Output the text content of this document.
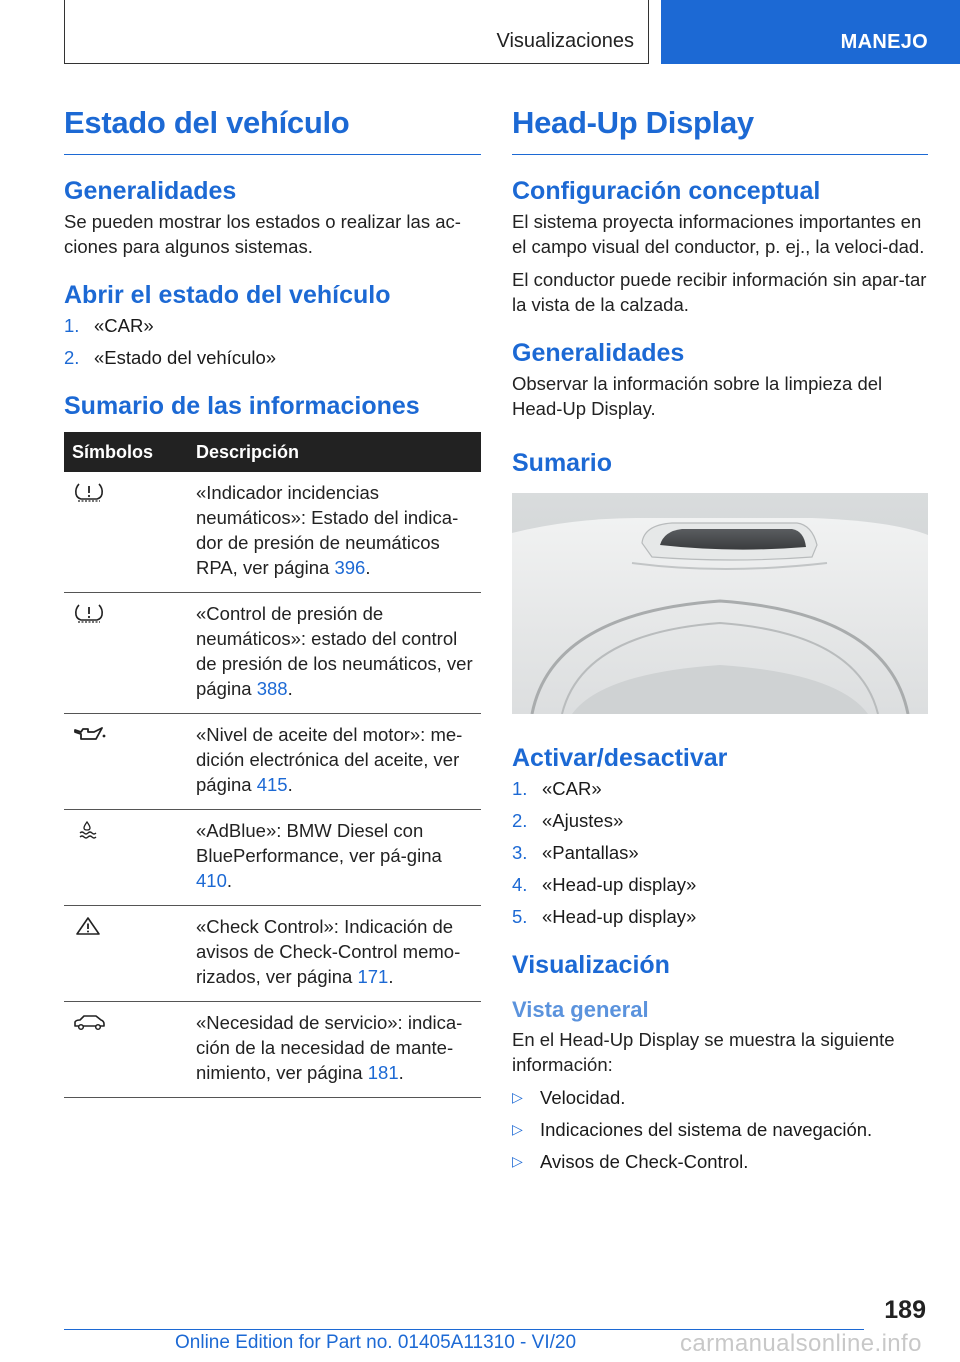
Visualizaciones	MANEJO
Estado del vehículo
Generalidades

Se pueden mostrar los estados o realizar las ac-ciones para algunos sistemas.

Abrir el estado del vehículo
1. «CAR»
2. «Estado del vehículo»
Sumario de las informaciones
Símbolos	Descripción
	«Indicador incidencias neumáticos»: Estado del indica-dor de presión de neumáticos RPA, ver página 396.
	«Control de presión de neumáticos»: estado del control de presión de los neumáticos, ver página 388.
	«Nivel de aceite del motor»: me-dición electrónica del aceite, ver página 415.
	«AdBlue»: BMW Diesel con BluePerformance, ver pá-gina 410.
	«Check Control»: Indicación de avisos de Check-Control memo-rizados, ver página 171.
	«Necesidad de servicio»: indica-ción de la necesidad de mante-nimiento, ver página 181.
Head-Up Display
Configuración conceptual

El sistema proyecta informaciones importantes en el campo visual del conductor, p. ej., la veloci-dad.

El conductor puede recibir información sin apar-tar la vista de la calzada.

Generalidades

Observar la información sobre la limpieza del Head-Up Display.

Sumario
Activar/desactivar
1. «CAR»
2. «Ajustes»
3. «Pantallas»
4. «Head-up display»
5. «Head-up display»
Visualización
Vista general

En el Head-Up Display se muestra la siguiente información:

▷ Velocidad.
▷ Indicaciones del sistema de navegación.
▷ Avisos de Check-Control.
189
Online Edition for Part no. 01405A11310 - VI/20	carmanualsonline.info
